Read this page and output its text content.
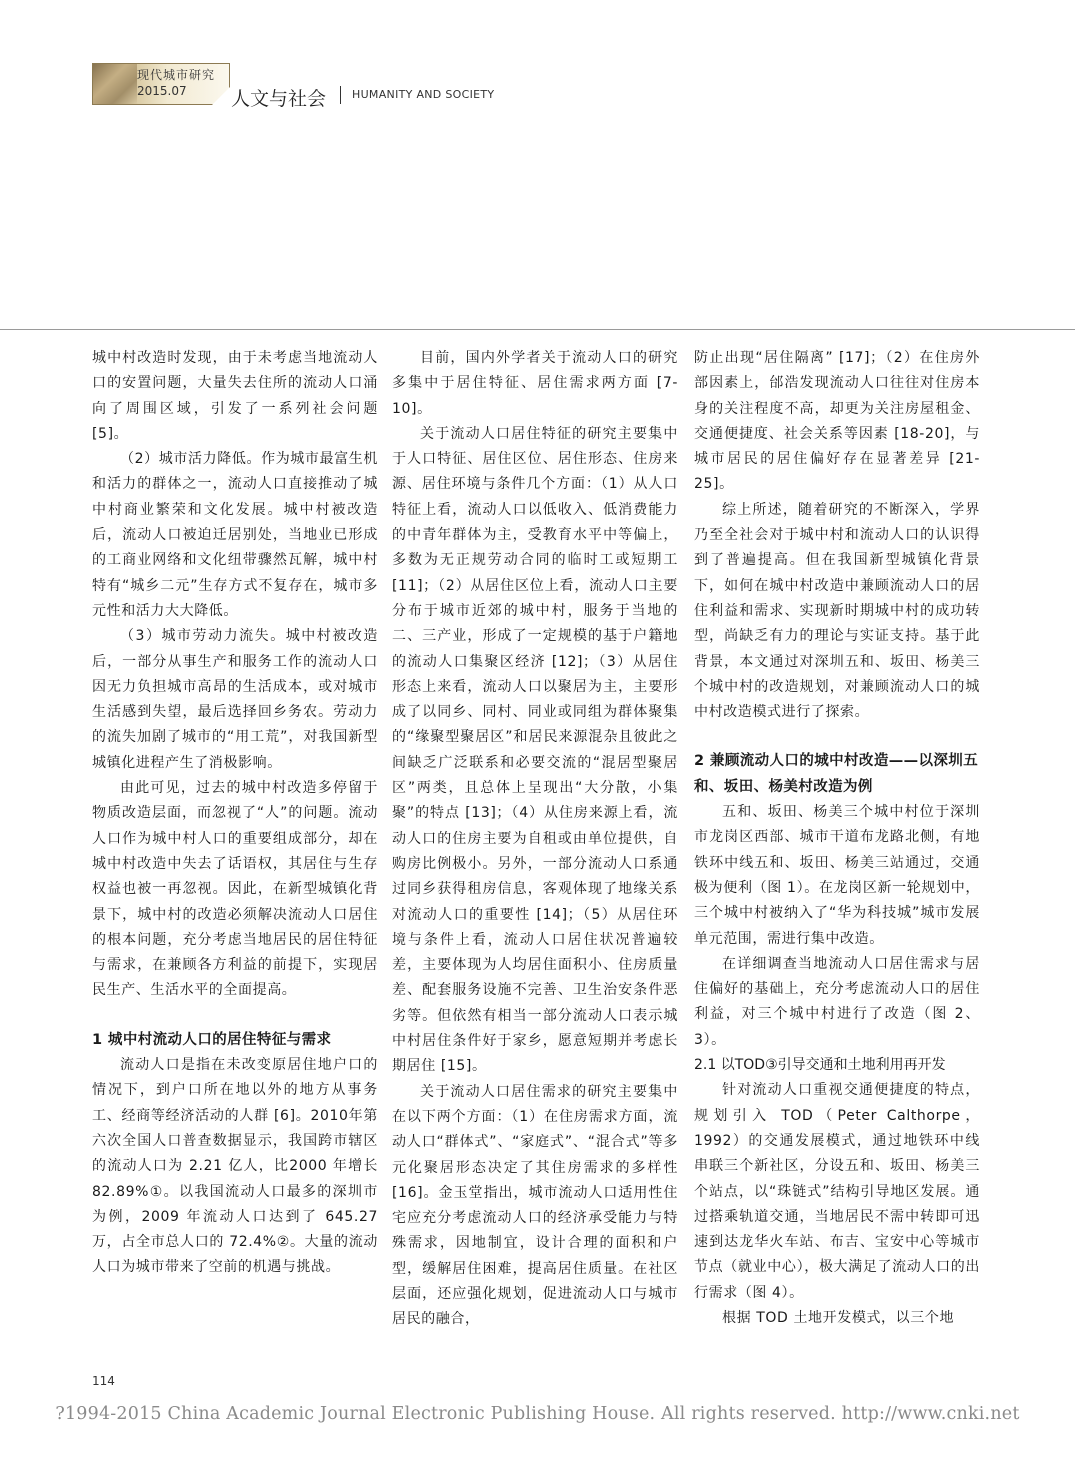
现代城市研究
2015.07 人文与社会 HUMANITY AND SOCIETY

城中村改造时发现，由于未考虑当地流动人口的安置问题，大量失去住所的流动人口涌向了周围区域，引发了一系列社会问题 [5]。

（2）城市活力降低。作为城市最富生机和活力的群体之一，流动人口直接推动了城中村商业繁荣和文化发展。城中村被改造后，流动人口被迫迁居别处，当地业已形成的工商业网络和文化纽带骤然瓦解，城中村特有“城乡二元”生存方式不复存在，城市多元性和活力大大降低。

（3）城市劳动力流失。城中村被改造后，一部分从事生产和服务工作的流动人口因无力负担城市高昂的生活成本，或对城市生活感到失望，最后选择回乡务农。劳动力的流失加剧了城市的“用工荒”，对我国新型城镇化进程产生了消极影响。

由此可见，过去的城中村改造多停留于物质改造层面，而忽视了“人”的问题。流动人口作为城中村人口的重要组成部分，却在城中村改造中失去了话语权，其居住与生存权益也被一再忽视。因此，在新型城镇化背景下，城中村的改造必须解决流动人口居住的根本问题，充分考虑当地居民的居住特征与需求，在兼顾各方利益的前提下，实现居民生产、生活水平的全面提高。

1 城中村流动人口的居住特征与需求

流动人口是指在未改变原居住地户口的情况下，到户口所在地以外的地方从事务工、经商等经济活动的人群 [6]。2010年第六次全国人口普查数据显示，我国跨市辖区的流动人口为 2.21 亿人，比2000 年增长 82.89%①。以我国流动人口最多的深圳市为例，2009 年流动人口达到了 645.27 万，占全市总人口的 72.4%②。大量的流动人口为城市带来了空前的机遇与挑战。

目前，国内外学者关于流动人口的研究多集中于居住特征、居住需求两方面 [7-10]。

关于流动人口居住特征的研究主要集中于人口特征、居住区位、居住形态、住房来源、居住环境与条件几个方面：（1）从人口特征上看，流动人口以低收入、低消费能力的中青年群体为主，受教育水平中等偏上，多数为无正规劳动合同的临时工或短期工 [11]；（2）从居住区位上看，流动人口主要分布于城市近郊的城中村，服务于当地的二、三产业，形成了一定规模的基于户籍地的流动人口集聚区经济 [12]；（3）从居住形态上来看，流动人口以聚居为主，主要形成了以同乡、同村、同业或同组为群体聚集的“缘聚型聚居区”和居民来源混杂且彼此之间缺乏广泛联系和必要交流的“混居型聚居区”两类，且总体上呈现出“大分散，小集聚”的特点 [13]；（4）从住房来源上看，流动人口的住房主要为自租或由单位提供，自购房比例极小。另外，一部分流动人口系通过同乡获得租房信息，客观体现了地缘关系对流动人口的重要性 [14]；（5）从居住环境与条件上看，流动人口居住状况普遍较差，主要体现为人均居住面积小、住房质量差、配套服务设施不完善、卫生治安条件恶劣等。但依然有相当一部分流动人口表示城中村居住条件好于家乡，愿意短期并考虑长期居住 [15]。

关于流动人口居住需求的研究主要集中在以下两个方面：（1）在住房需求方面，流动人口“群体式”、“家庭式”、“混合式”等多元化聚居形态决定了其住房需求的多样性 [16]。金玉堂指出，城市流动人口适用性住宅应充分考虑流动人口的经济承受能力与特殊需求，因地制宜，设计合理的面积和户型，缓解居住困难，提高居住质量。在社区层面，还应强化规划，促进流动人口与城市居民的融合，

防止出现“居住隔离” [17]；（2）在住房外部因素上，邰浩发现流动人口往往对住房本身的关注程度不高，却更为关注房屋租金、交通便捷度、社会关系等因素 [18-20]，与城市居民的居住偏好存在显著差异 [21-25]。

综上所述，随着研究的不断深入，学界乃至全社会对于城中村和流动人口的认识得到了普遍提高。但在我国新型城镇化背景下，如何在城中村改造中兼顾流动人口的居住利益和需求、实现新时期城中村的成功转型，尚缺乏有力的理论与实证支持。基于此背景，本文通过对深圳五和、坂田、杨美三个城中村的改造规划，对兼顾流动人口的城中村改造模式进行了探索。

2 兼顾流动人口的城中村改造——以深圳五和、坂田、杨美村改造为例

五和、坂田、杨美三个城中村位于深圳市龙岗区西部、城市干道布龙路北侧，有地铁环中线五和、坂田、杨美三站通过，交通极为便利（图 1）。在龙岗区新一轮规划中，三个城中村被纳入了“华为科技城”城市发展单元范围，需进行集中改造。

在详细调查当地流动人口居住需求与居住偏好的基础上，充分考虑流动人口的居住利益，对三个城中村进行了改造（图 2、3）。

2.1 以TOD③引导交通和土地利用再开发

针对流动人口重视交通便捷度的特点，规划引入 TOD（Peter Calthorpe，1992）的交通发展模式，通过地铁环中线串联三个新社区，分设五和、坂田、杨美三个站点，以“珠链式”结构引导地区发展。通过搭乘轨道交通，当地居民不需中转即可迅速到达龙华火车站、布吉、宝安中心等城市节点（就业中心），极大满足了流动人口的出行需求（图 4）。

根据 TOD 土地开发模式，以三个地

114
?1994-2015 China Academic Journal Electronic Publishing House. All rights reserved. http://www.cnki.net
